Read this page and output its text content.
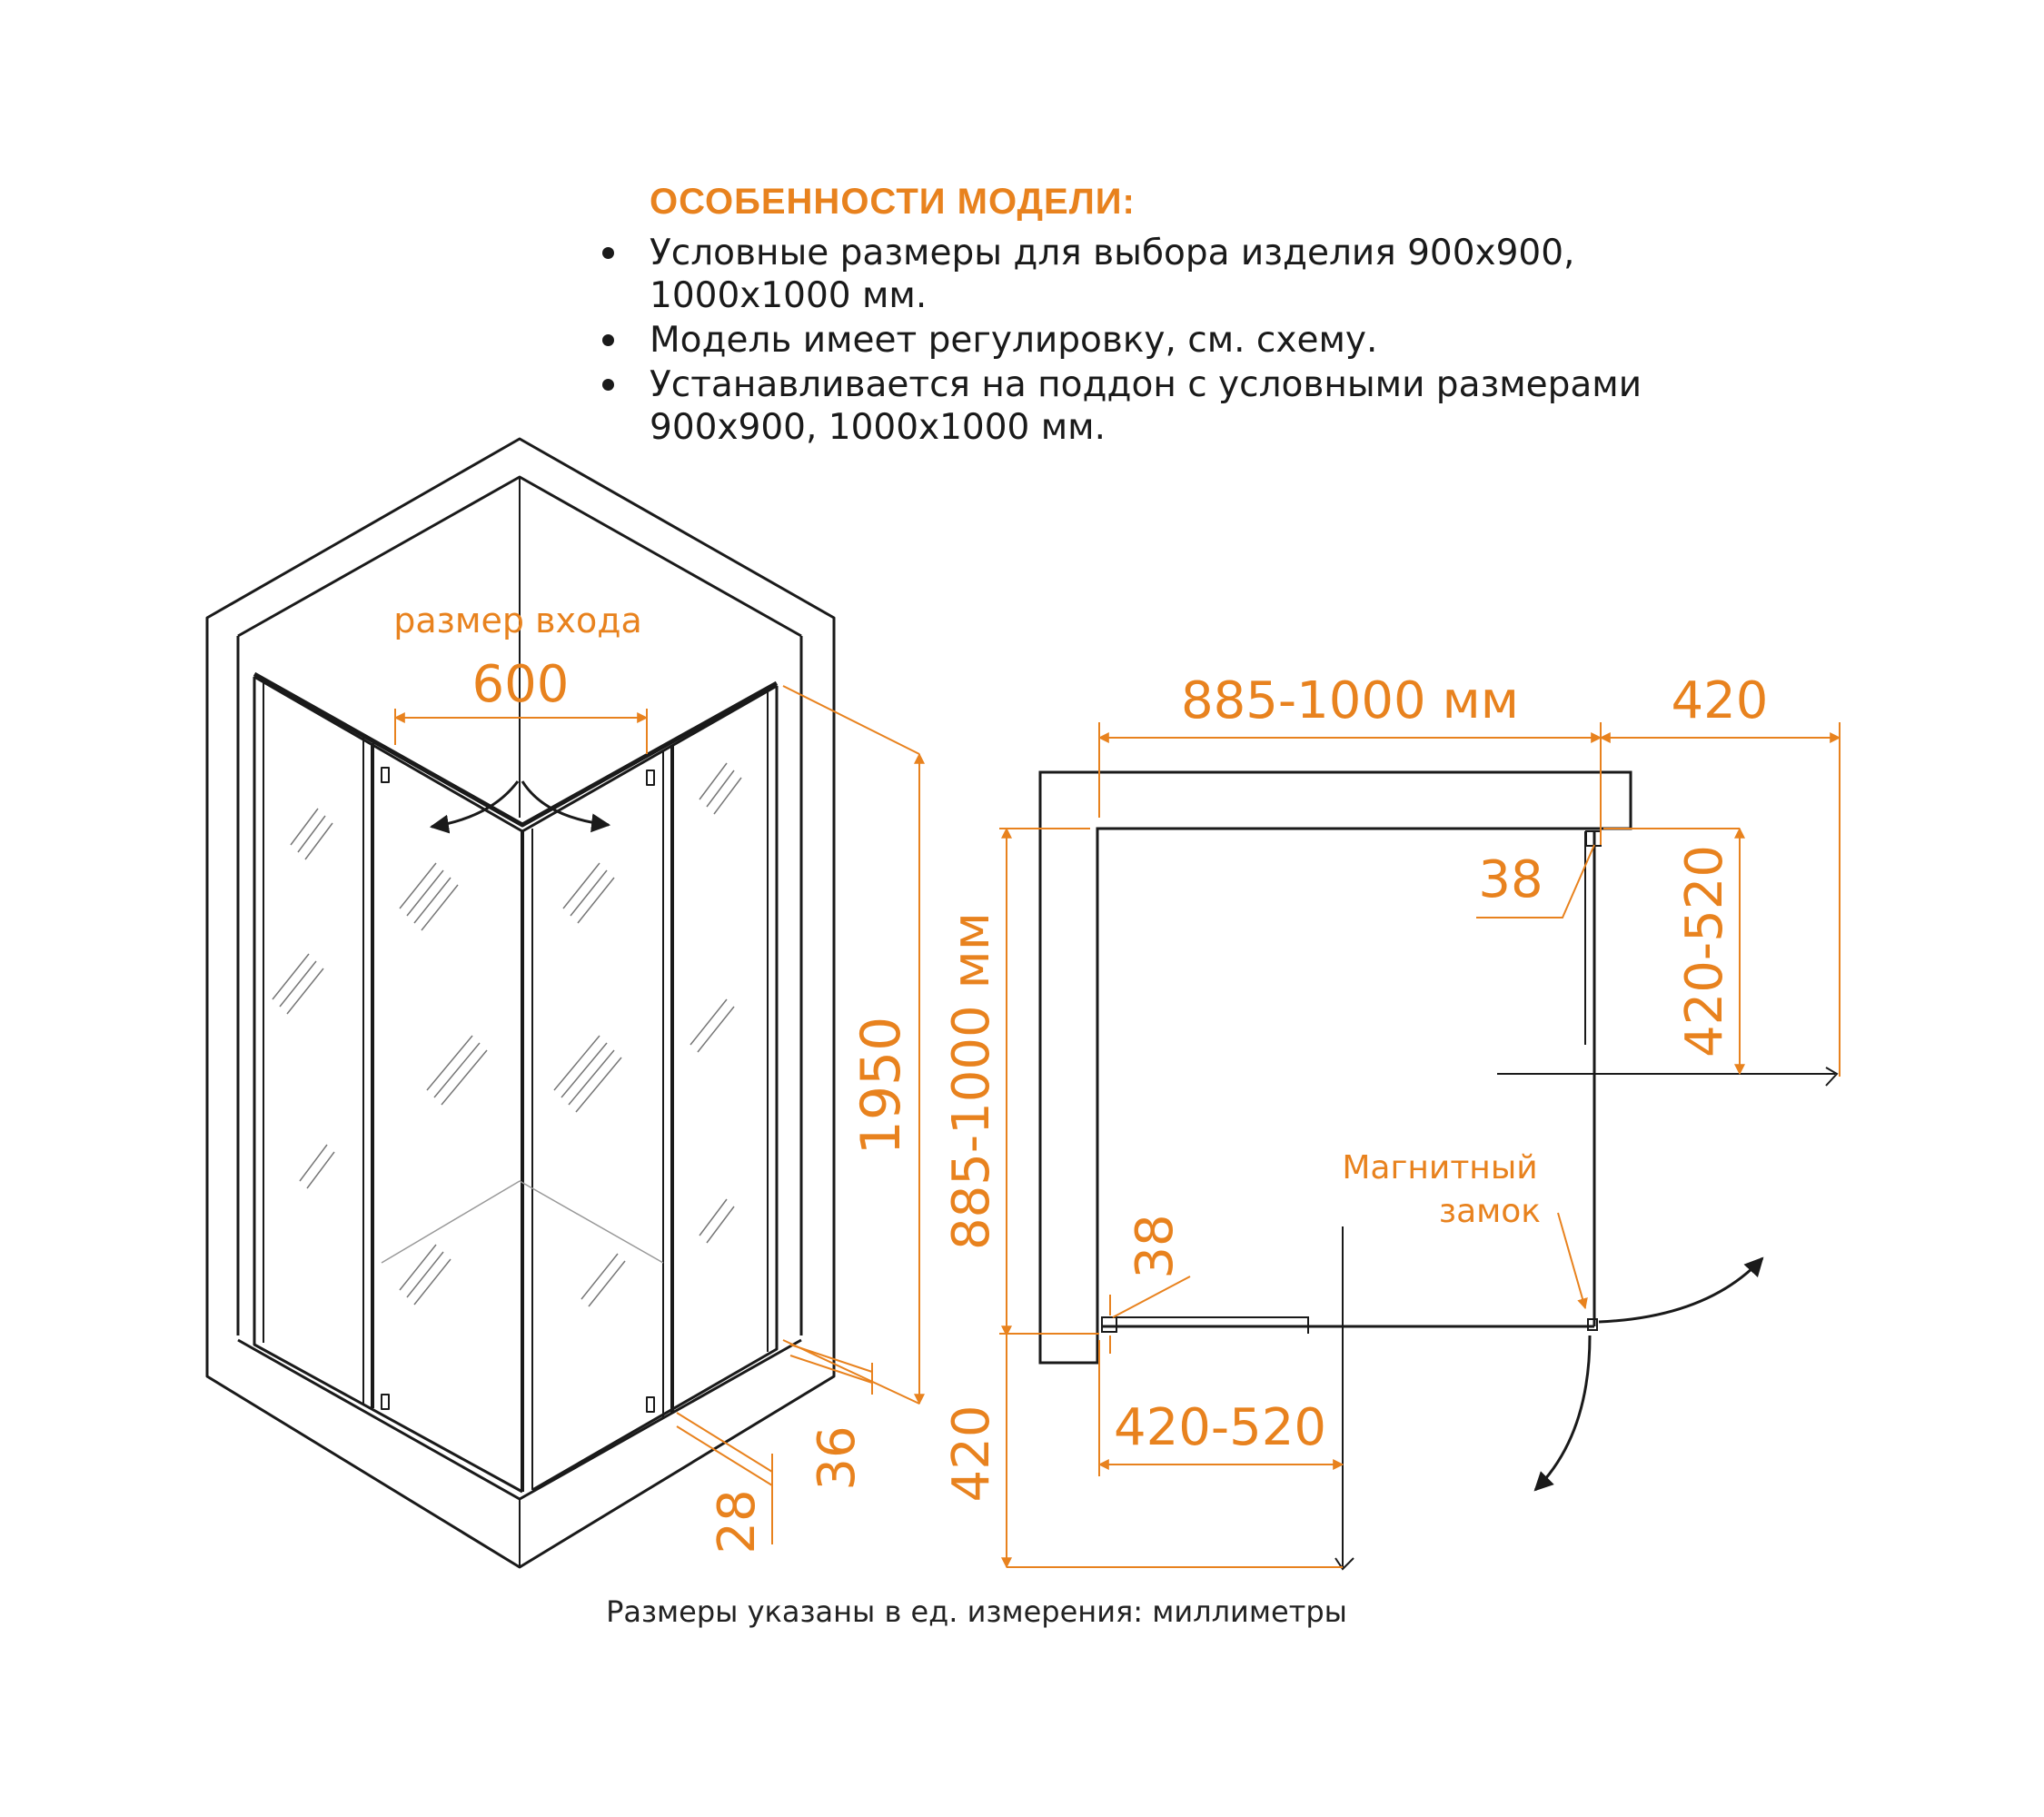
ОСОБЕННОСТИ МОДЕЛИ:
Условные размеры для выбора изделия 900x900, 1000x1000 мм.
Модель имеет регулировку, см. схему.
Устанавливается на поддон с условными размерами 900x900, 1000x1000 мм.
размер входа
600
1950
36
28
885-1000 мм	420
885-1000 мм
420
420-520
420-520
38
38
Магнитный
замок
Размеры указаны в ед. измерения: миллиметры
